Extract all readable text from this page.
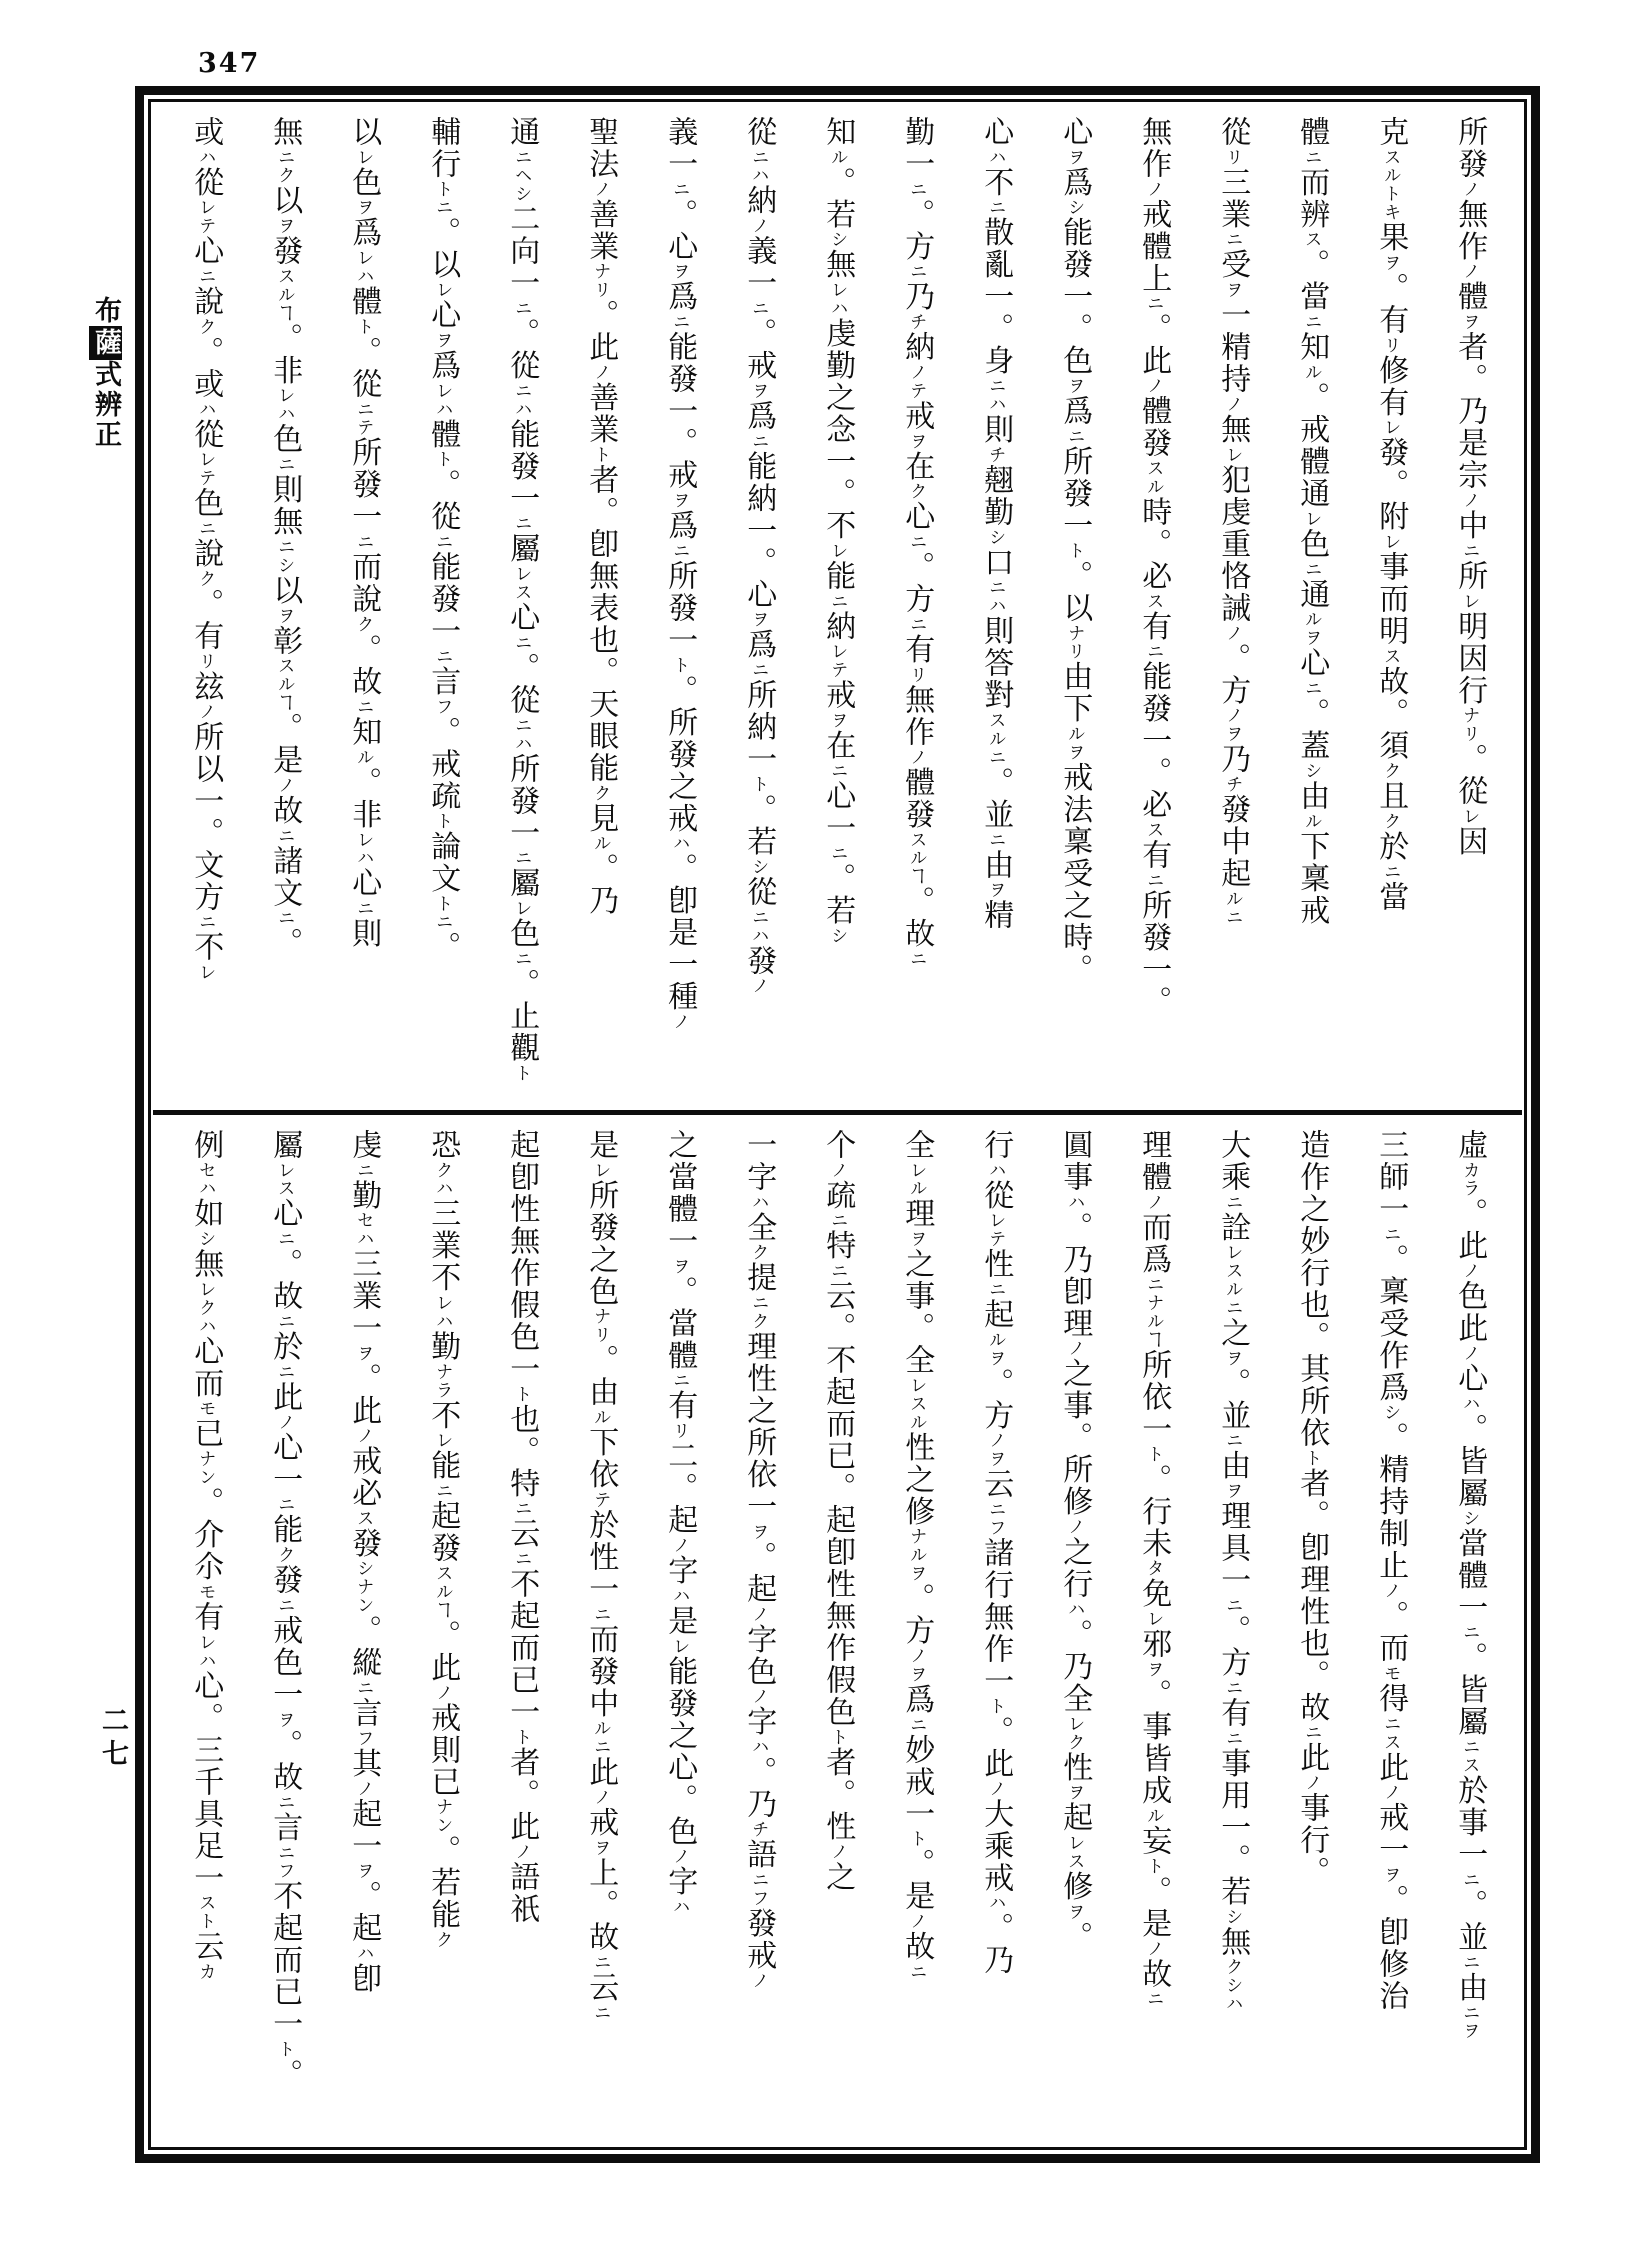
347
布薩式辨正
二七
所發ノ無作ノ體ヲ者。乃是宗ノ中ニ所レ明因行ナリ。從レ因
克スルトキ果ヲ。有リ修有レ發。附レ事而明ス故。須ク且ク於ニ當
體ニ而辨ス。當ニ知ル。戒體通レ色ニ通ルヲ心ニ。蓋シ由ル下稟戒
從リ三業ニ受ヲ一精持ノ無レ犯虔重恪誡ノ。方ノヲ乃チ發中起ルニ
無作ノ戒體上ニ。此ノ體發スル時。必ス有ニ能發一。必ス有ニ所發一。
心ヲ爲シ能發一。色ヲ爲ニ所發一ト。以ナリ由下ルヲ戒法稟受之時。
心ハ不ニ散亂一。身ニハ則チ翹勤シ口ニハ則答對スルニ。並ニ由ヲ精
勤一ニ。方ニ乃チ納ノテ戒ヲ在ク心ニ。方ニ有リ無作ノ體發スルヿ。故ニ
知ル。若シ無レハ虔勤之念一。不レ能ニ納レテ戒ヲ在ニ心一ニ。若シ
從ニハ納ノ義一ニ。戒ヲ爲ニ能納一。心ヲ爲ニ所納一ト。若シ從ニハ發ノ
義一ニ。心ヲ爲ニ能發一。戒ヲ爲ニ所發一ト。所發之戒ハ。卽是一種ノ
聖法ノ善業ナリ。此ノ善業ト者。卽無表也。天眼能ク見ル。乃
通ニヘシ二向一ニ。從ニハ能發一ニ屬レス心ニ。從ニハ所發一ニ屬レ色ニ。止觀ト
輔行トニ。以レ心ヲ爲レハ體ト。從ニ能發一ニ言フ。戒疏ト論文トニ。
以レ色ヲ爲レハ體ト。從ニテ所發一ニ而說ク。故ニ知ル。非レハ心ニ則
無ニク以ヲ發スルヿ。非レハ色ニ則無ニシ以ヲ彰スルヿ。是ノ故ニ諸文ニ。
或ハ從レテ心ニ說ク。或ハ從レテ色ニ說ク。有リ玆ノ所以一。文方ニ不レ
虛カラ。此ノ色此ノ心ハ。皆屬シ當體一ニ。皆屬ニス於事一ニ。並ニ由ニヲ
三師一ニ。稟受作爲シ。精持制止ノ。而モ得ニス此ノ戒一ヲ。卽修治
造作之妙行也。其所依ト者。卽理性也。故ニ此ノ事行。
大乘ニ詮レスルニ之ヲ。並ニ由ヲ理具一ニ。方ニ有ニ事用一。若シ無クシハ
理體ノ而爲ニナルヿ所依一ト。行未タ免レ邪ヲ。事皆成ル妄ト。是ノ故ニ
圓事ハ。乃卽理ノ之事。所修ノ之行ハ。乃全レク性ヲ起レス修ヲ。
行ハ從レテ性ニ起ルヲ。方ノヲ云ニフ諸行無作一ト。此ノ大乘戒ハ。乃
全レル理ヲ之事。全レスル性之修ナルヲ。方ノヲ爲ニ妙戒一ト。是ノ故ニ
个ノ疏ニ特ニ云。不起而已。起卽性無作假色ト者。性ノ之
一字ハ全ク提ニク理性之所依一ヲ。起ノ字色ノ字ハ。乃チ語ニフ發戒ノ
之當體一ヲ。當體ニ有リ二。起ノ字ハ是レ能發之心。色ノ字ハ
是レ所發之色ナリ。由ル下依テ於性一ニ而發中ルニ此ノ戒ヲ上。故ニ云ニ
起卽性無作假色一ト也。特ニ云ニ不起而已一ト者。此ノ語祇
恐クハ三業不レハ勤ナラ不レ能ニ起發スルヿ。此ノ戒則已ナン。若能ク
虔ニ勤セハ三業一ヲ。此ノ戒必ス發シナン。縱ニ言フ其ノ起一ヲ。起ハ卽
屬レス心ニ。故ニ於ニ此ノ心一ニ能ク發ニ戒色一ヲ。故ニ言ニフ不起而已一ト。
例セハ如シ無レクハ心而モ已ナン。介尒モ有レハ心。三千具足一スト云カ
